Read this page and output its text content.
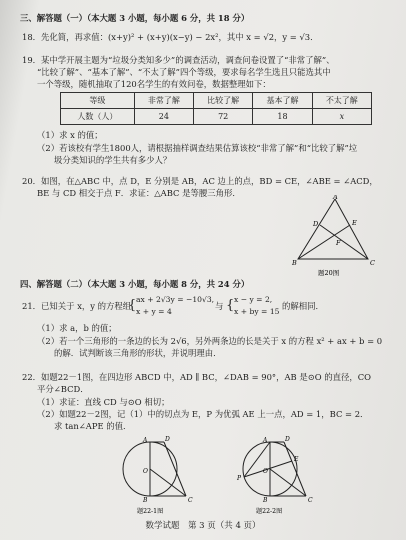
三、解答题（一）（本大题 3 小题，每小题 6 分，共 18 分）
18．先化简，再求值：(x+y)² + (x+y)(x−y) − 2x²，其中 x = √2，y = √3．
19．某中学开展主题为“垃圾分类知多少”的调查活动，调查问卷设置了“非常了解”、
“比较了解”、“基本了解”、“不太了解”四个等级，要求每名学生选且只能选其中
一个等级，随机抽取了120名学生的有效问卷，数据整理如下：
等级	非常了解	比较了解	基本了解	不太了解
人数（人）	24	72	18	x
（1）求 x 的值；
（2）若该校有学生1800人，请根据抽样调查结果估算该校“非常了解”和“比较了解”垃
圾分类知识的学生共有多少人？
20．如图，在△ABC 中，点 D，E 分别是 AB，AC 边上的点，BD = CE，∠ABE = ∠ACD，
BE 与 CD 相交于点 F．求证：△ABC 是等腰三角形．	A
B	C
D	E
F
题20图
四、解答题（二）（本大题 3 小题，每小题 8 分，共 24 分）
21．已知关于 x，y 的方程组
{ ax + 2√3y = −10√3,
x + y = 4
与 { x − y = 2,
x + by = 15
的解相同．
（1）求 a，b 的值；
（2）若一个三角形的一条边的长为 2√6，另外两条边的长是关于 x 的方程 x² + ax + b = 0
的解．试判断该三角形的形状，并说明理由．
22．如题22－1图，在四边形 ABCD 中，AD ∥ BC，∠DAB = 90°，AB 是⊙O 的直径，CO
平分∠BCD．
（1）求证：直线 CD 与⊙O 相切；
（2）如题22－2图，记（1）中的切点为 E，P 为优弧 AE 上一点，AD = 1，BC = 2．
求 tan∠APE 的值．
A	D
O
B	C
题22-1图
A	D
E
P
O
B	C
题22-2图
数学试题　第 3 页（共 4 页）
